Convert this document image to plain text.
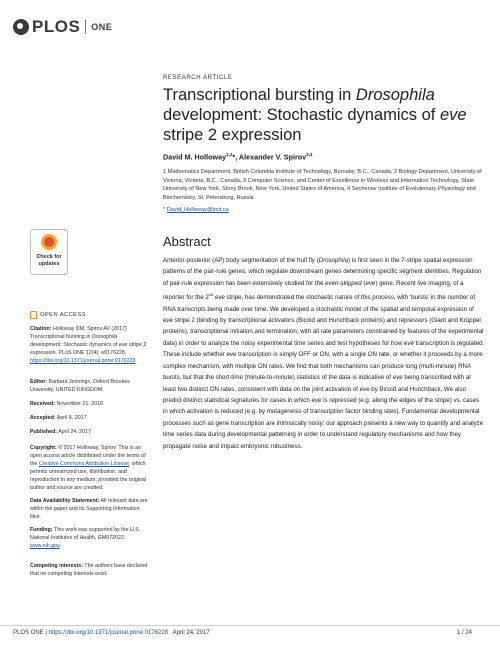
PLOS ONE
RESEARCH ARTICLE
Transcriptional bursting in Drosophila development: Stochastic dynamics of eve stripe 2 expression
David M. Holloway$^{1,2}$*, Alexander V. Spirov$^{3,4}$
1 Mathematics Department, British Columbia Institute of Technology, Burnaby, B.C., Canada, 2 Biology Department, University of Victoria, Victoria, B.C., Canada, 3 Computer Science, and Center of Excellence in Wireless and Information Technology, State University of New York, Stony Brook, New York, United States of America, 4 Sechenov Institute of Evolutionary Physiology and Biochemistry, St. Petersburg, Russia
* David_Holloway@bcit.ca
Abstract
Anterior-posterior (AP) body segmentation of the fruit fly (Drosophila) is first seen in the 7-stripe spatial expression patterns of the pair-rule genes, which regulate downstream genes determining specific segment identities. Regulation of pair-rule expression has been extensively studied for the even-skipped (eve) gene. Recent live imaging, of a reporter for the 2nd eve stripe, has demonstrated the stochastic nature of this process, with ‘bursts’ in the number of RNA transcripts being made over time. We developed a stochastic model of the spatial and temporal expression of eve stripe 2 (binding by transcriptional activators (Bicoid and Hunchback proteins) and repressors (Giant and Krüppel proteins), transcriptional initiation and termination; with all rate parameters constrained by features of the experimental data) in order to analyze the noisy experimental time series and test hypotheses for how eve transcription is regulated. These include whether eve transcription is simply OFF or ON, with a single ON rate, or whether it proceeds by a more complex mechanism, with multiple ON rates. We find that both mechanisms can produce long (multi-minute) RNA bursts, but that the short-time (minute-to-minute) statistics of the data is indicative of eve being transcribed with at least two distinct ON rates, consistent with data on the joint activation of eve by Bicoid and Hunchback. We also predict distinct statistical signatures for cases in which eve is repressed (e.g. along the edges of the stripe) vs. cases in which activation is reduced (e.g. by mutagenesis of transcription factor binding sites). Fundamental developmental processes such as gene transcription are intrinsically noisy; our approach presents a new way to quantify and analyze time series data during developmental patterning in order to understand regulatory mechanisms and how they propagate noise and impact embryonic robustness.
Check for
updates
OPEN ACCESS
Citation: Holloway DM, Spirov AV (2017) Transcriptional bursting in Drosophila development: Stochastic dynamics of eve stripe 2 expression. PLoS ONE 12(4): e0176228. https://doi.org/10.1371/journal.pone.0176228
Editor: Barbara Jennings, Oxford Brookes University, UNITED KINGDOM
Received: November 21, 2016
Accepted: April 6, 2017
Published: April 24, 2017
Copyright: © 2017 Holloway, Spirov. This is an open access article distributed under the terms of the Creative Commons Attribution License, which permits unrestricted use, distribution, and reproduction in any medium, provided the original author and source are credited.
Data Availability Statement: All relevant data are within the paper and its Supporting Information files.
Funding: This work was supported by the U.S. National Institutes of Health, GM072022. www.nih.gov.
Competing interests: The authors have declared that no competing interests exist.
PLOS ONE | https://doi.org/10.1371/journal.pone.0176228   April 24, 2017	1 / 24
